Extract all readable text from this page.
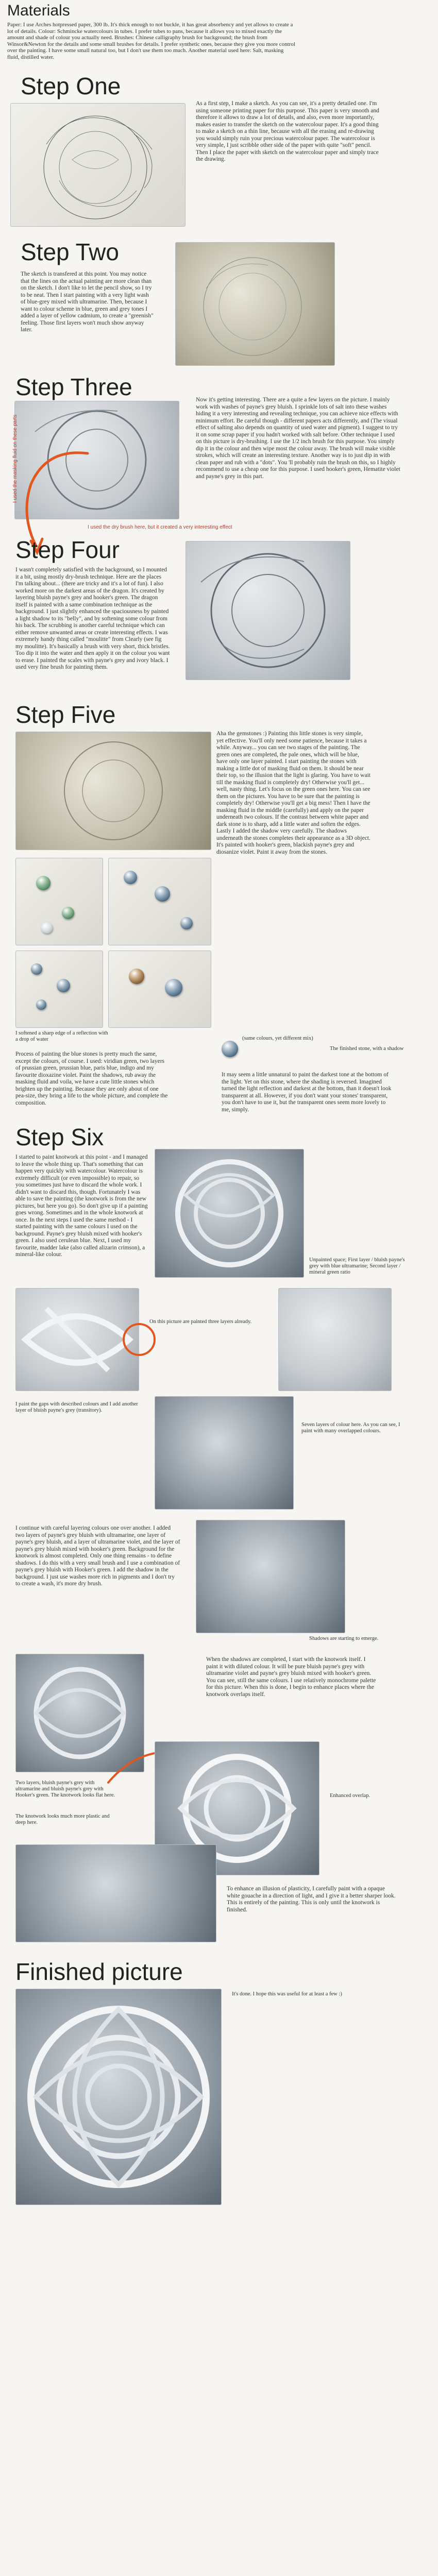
Materials
Paper: I use Arches hotpressed paper, 300 lb. It's thick enough to not buckle, it has great absorbency and yet allows to create a lot of details. Colour: Schmincke watercolours in tubes. I prefer tubes to pans, because it allows you to mixed exactly the amount and shade of colour you actually need. Brushes: Chinese calligraphy brush for background; the brush from Winsor&Newton for the details and some small brushes for details. I prefer synthetic ones, because they give you more control over the painting. I have some small natural too, but I don't use them too much. Another material used here: Salt, masking fluid, distilled water.
Step One
As a first step, I make a sketch. As you can see, it's a pretty detailed one. I'm using someone printing paper for this purpose. This paper is very smooth and therefore it allows to draw a lot of details, and also, even more importantly, makes easier to transfer the sketch on the watercolour paper. It's a good thing to make a sketch on a thin line, because with all the erasing and re-drawing you would simply ruin your precious watercolour paper. The watercolour is very simple, I just scribble other side of the paper with quite "soft" pencil. Then I place the paper with sketch on the watercolour paper and simply trace the drawing.
Step Two
The sketch is transfered at this point. You may notice that the lines on the actual painting are more clean than on the sketch. I don't like to let the pencil show, so I try to be neat. Then I start painting with a very light wash of blue-grey mixed with ultramarine. Then, because I want to colour scheme in blue, green and grey tones I added a layer of yellow cadmium, to create a "greenish" feeling. Those first layers won't much show anyway later.
Step Three
I used the masking fluid on these parts
Now it's getting interesting. There are a quite a few layers on the picture. I mainly work with washes of payne's grey bluish. I sprinkle lots of salt into these washes hiding it a very interesting and revealing technique, you can achieve nice effects with minimum effort. Be careful though - different papers acts differently, and (The visual effect of salting also depends on quantity of used water and pigment). I suggest to try it on some scrap paper if you hadn't worked with salt before. Other technique I used on this picture is dry-brushing. I use the 1/2 inch brush for this purpose. You simply dip it in the colour and then wipe most the colour away. The brush will make visible strokes, which will create an interesting texture. Another way is to just dip in with clean paper and rub with a "dots". You 'll probably ruin the brush on this, so I highly recommend to use a cheap one for this purpose. I used hooker's green, Hematite violet and payne's grey in this part.
I used the dry brush here, but it created a very interesting effect
Step Four
I wasn't completely satisfied with the background, so I mounted it a bit, using mostly dry-brush technique. Here are the places I'm talking about... (there are tricky and it's a lot of fun). I also worked more on the darkest areas of the dragon. It's created by layering bluish payne's grey and hooker's green. The dragon itself is painted with a same combination technique as the background. I just slightly enhanced the spaciousness by painted a light shadow to its "belly", and by softening some colour from his back. The scrubbing is another careful technique which can either remove unwanted areas or create interesting effects. I was extremely handy thing called "moulitte" from Clearly (see fig my moulitte). It's basically a brush with very short, thick bristles. Too dip it into the water and then apply it on the colour you want to erase. I painted the scales with payne's grey and ivory black. I used very fine brush for painting them.
Step Five
Aha the gemstones :) Painting this little stones is very simple, yet effective. You'll only need some patience, because it takes a while. Anyway... you can see two stages of the painting. The green ones are completed, the pale ones, which will be blue, have only one layer painted. I start painting the stones with making a little dot of masking fluid on them. It should be near their top, so the illusion that the light is glaring. You have to wait till the masking fluid is completely dry! Otherwise you'll get... well, nasty thing. Let's focus on the green ones here. You can see them on the pictures. You have to be sure that the painting is completely dry! Otherwise you'll get a big mess! Then I have the masking fluid in the middle (carefully) and apply on the paper underneath two colours. If the contrast between white paper and dark stone is to sharp, add a little water and soften the edges. Lastly I added the shadow very carefully. The shadows underneath the stones completes their appearance as a 3D object. It's painted with hooker's green, blackish payne's grey and diosanize violet. Paint it away from the stones.
I softened a sharp edge of a reflection with a drop of water	(same colours, yet different mix)
The finished stone, with a shadow
Process of painting the blue stones is pretty much the same, except the colours, of course. I used: viridian green, two layers of prussian green, prussian blue, paris blue, indigo and my favourite dioxazine violet. Paint the shadows, rub away the masking fluid and voila, we have a cute little stones which brighten up the painting. Because they are only about of one pea-size, they bring a life to the whole picture, and complete the composition.
It may seem a little unnatural to paint the darkest tone at the bottom of the light. Yet on this stone, where the shading is reversed. Imagined turned the light reflection and darkest at the bottom, than it doesn't look transparent at all. However, if you don't want your stones' transparent, you don't have to use it, but the transparent ones seem more lovely to me, simply.
Step Six
I started to paint knotwork at this point - and I managed to leave the whole thing up. That's something that can happen very quickly with watercolour. Watercolour is extremely difficult (or even impossible) to repair, so you sometimes just have to discard the whole work. I didn't want to discard this, though. Fortunately I was able to save the painting (the knotwork is from the new pictures, but here you go). So don't give up if a painting goes wrong. Sometimes and in the whole knotwork at once. In the next steps I used the same method - I started painting with the same colours I used on the background. Payne's grey bluish mixed with hooker's green. I also used cerulean blue. Next, I used my favourite, madder lake (also called alizarin crimson), a mineral-like colour.
Unpainted space; First layer / bluish payne's grey with blue ultramarine; Second layer / mineral green ratio
On this picture are painted three layers already.
I paint the gaps with described colours and I add another layer of bluish payne's grey (transitory).
Seven layers of colour here. As you can see, I paint with many overlapped colours.
I continue with careful layering colours one over another. I added two layers of payne's grey bluish with ultramarine, one layer of payne's grey bluish, and a layer of ultramarine violet, and the layer of payne's grey bluish mixed with hooker's green. Background for the knotwork is almost completed. Only one thing remains - to define shadows. I do this with a very small brush and I use a combination of payne's grey bluish with Hooker's green. I add the shadow in the background. I just use washes more rich in pigments and I don't try to create a wash, it's more dry brush.
Shadows are starting to emerge.
When the shadows are completed, I start with the knotwork itself. I paint it with diluted colour. It will be pure bluish payne's grey with ultramarine violet and payne's grey bluish mixed with hooker's green. You can see, still the same colours. I use relatively monochrome palette for this picture. When this is done, I begin to enhance places where the knotwork overlaps itself.
Two layers, bluish payne's grey with ultramarine and bluish payne's grey with Hooker's green. The knotwork looks flat here.	Enhanced overlap.
The knotwork looks much more plastic and deep here.
To enhance an illusion of plasticity, I carefully paint with a opaque white gouache in a direction of light, and I give it a better sharper look. This is entirely of the painting. This is only until the knotwork is finished.
Finished picture
It's done. I hope this was useful for at least a few :)
